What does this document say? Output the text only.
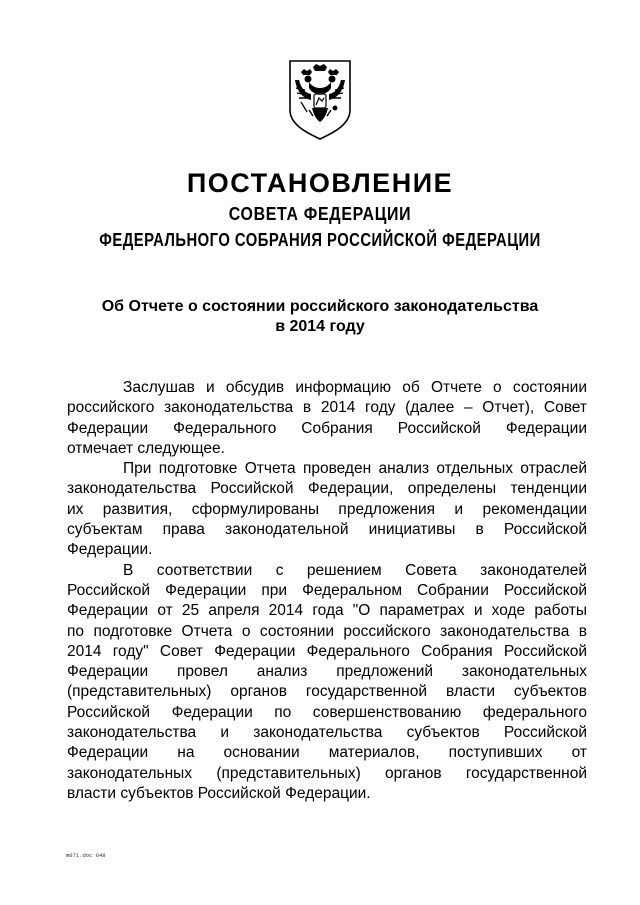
ПОСТАНОВЛЕНИЕ
СОВЕТА ФЕДЕРАЦИИ
ФЕДЕРАЛЬНОГО СОБРАНИЯ РОССИЙСКОЙ ФЕДЕРАЦИИ
Об Отчете о состоянии российского законодательства
в 2014 году
Заслушав и обсудив информацию об Отчете о состоянии
российского законодательства в 2014 году (далее – Отчет), Совет
Федерации Федерального Собрания Российской Федерации
отмечает следующее.
При подготовке Отчета проведен анализ отдельных отраслей
законодательства Российской Федерации, определены тенденции
их развития, сформулированы предложения и рекомендации
субъектам права законодательной инициативы в Российской
Федерации.
В соответствии с решением Совета законодателей
Российской Федерации при Федеральном Собрании Российской
Федерации от 25 апреля 2014 года "О параметрах и ходе работы
по подготовке Отчета о состоянии российского законодательства в
2014 году" Совет Федерации Федерального Собрания Российской
Федерации провел анализ предложений законодательных
(представительных) органов государственной власти субъектов
Российской Федерации по совершенствованию федерального
законодательства и законодательства субъектов Российской
Федерации на основании материалов, поступивших от
законодательных (представительных) органов государственной
власти субъектов Российской Федерации.
m071.doc 648
